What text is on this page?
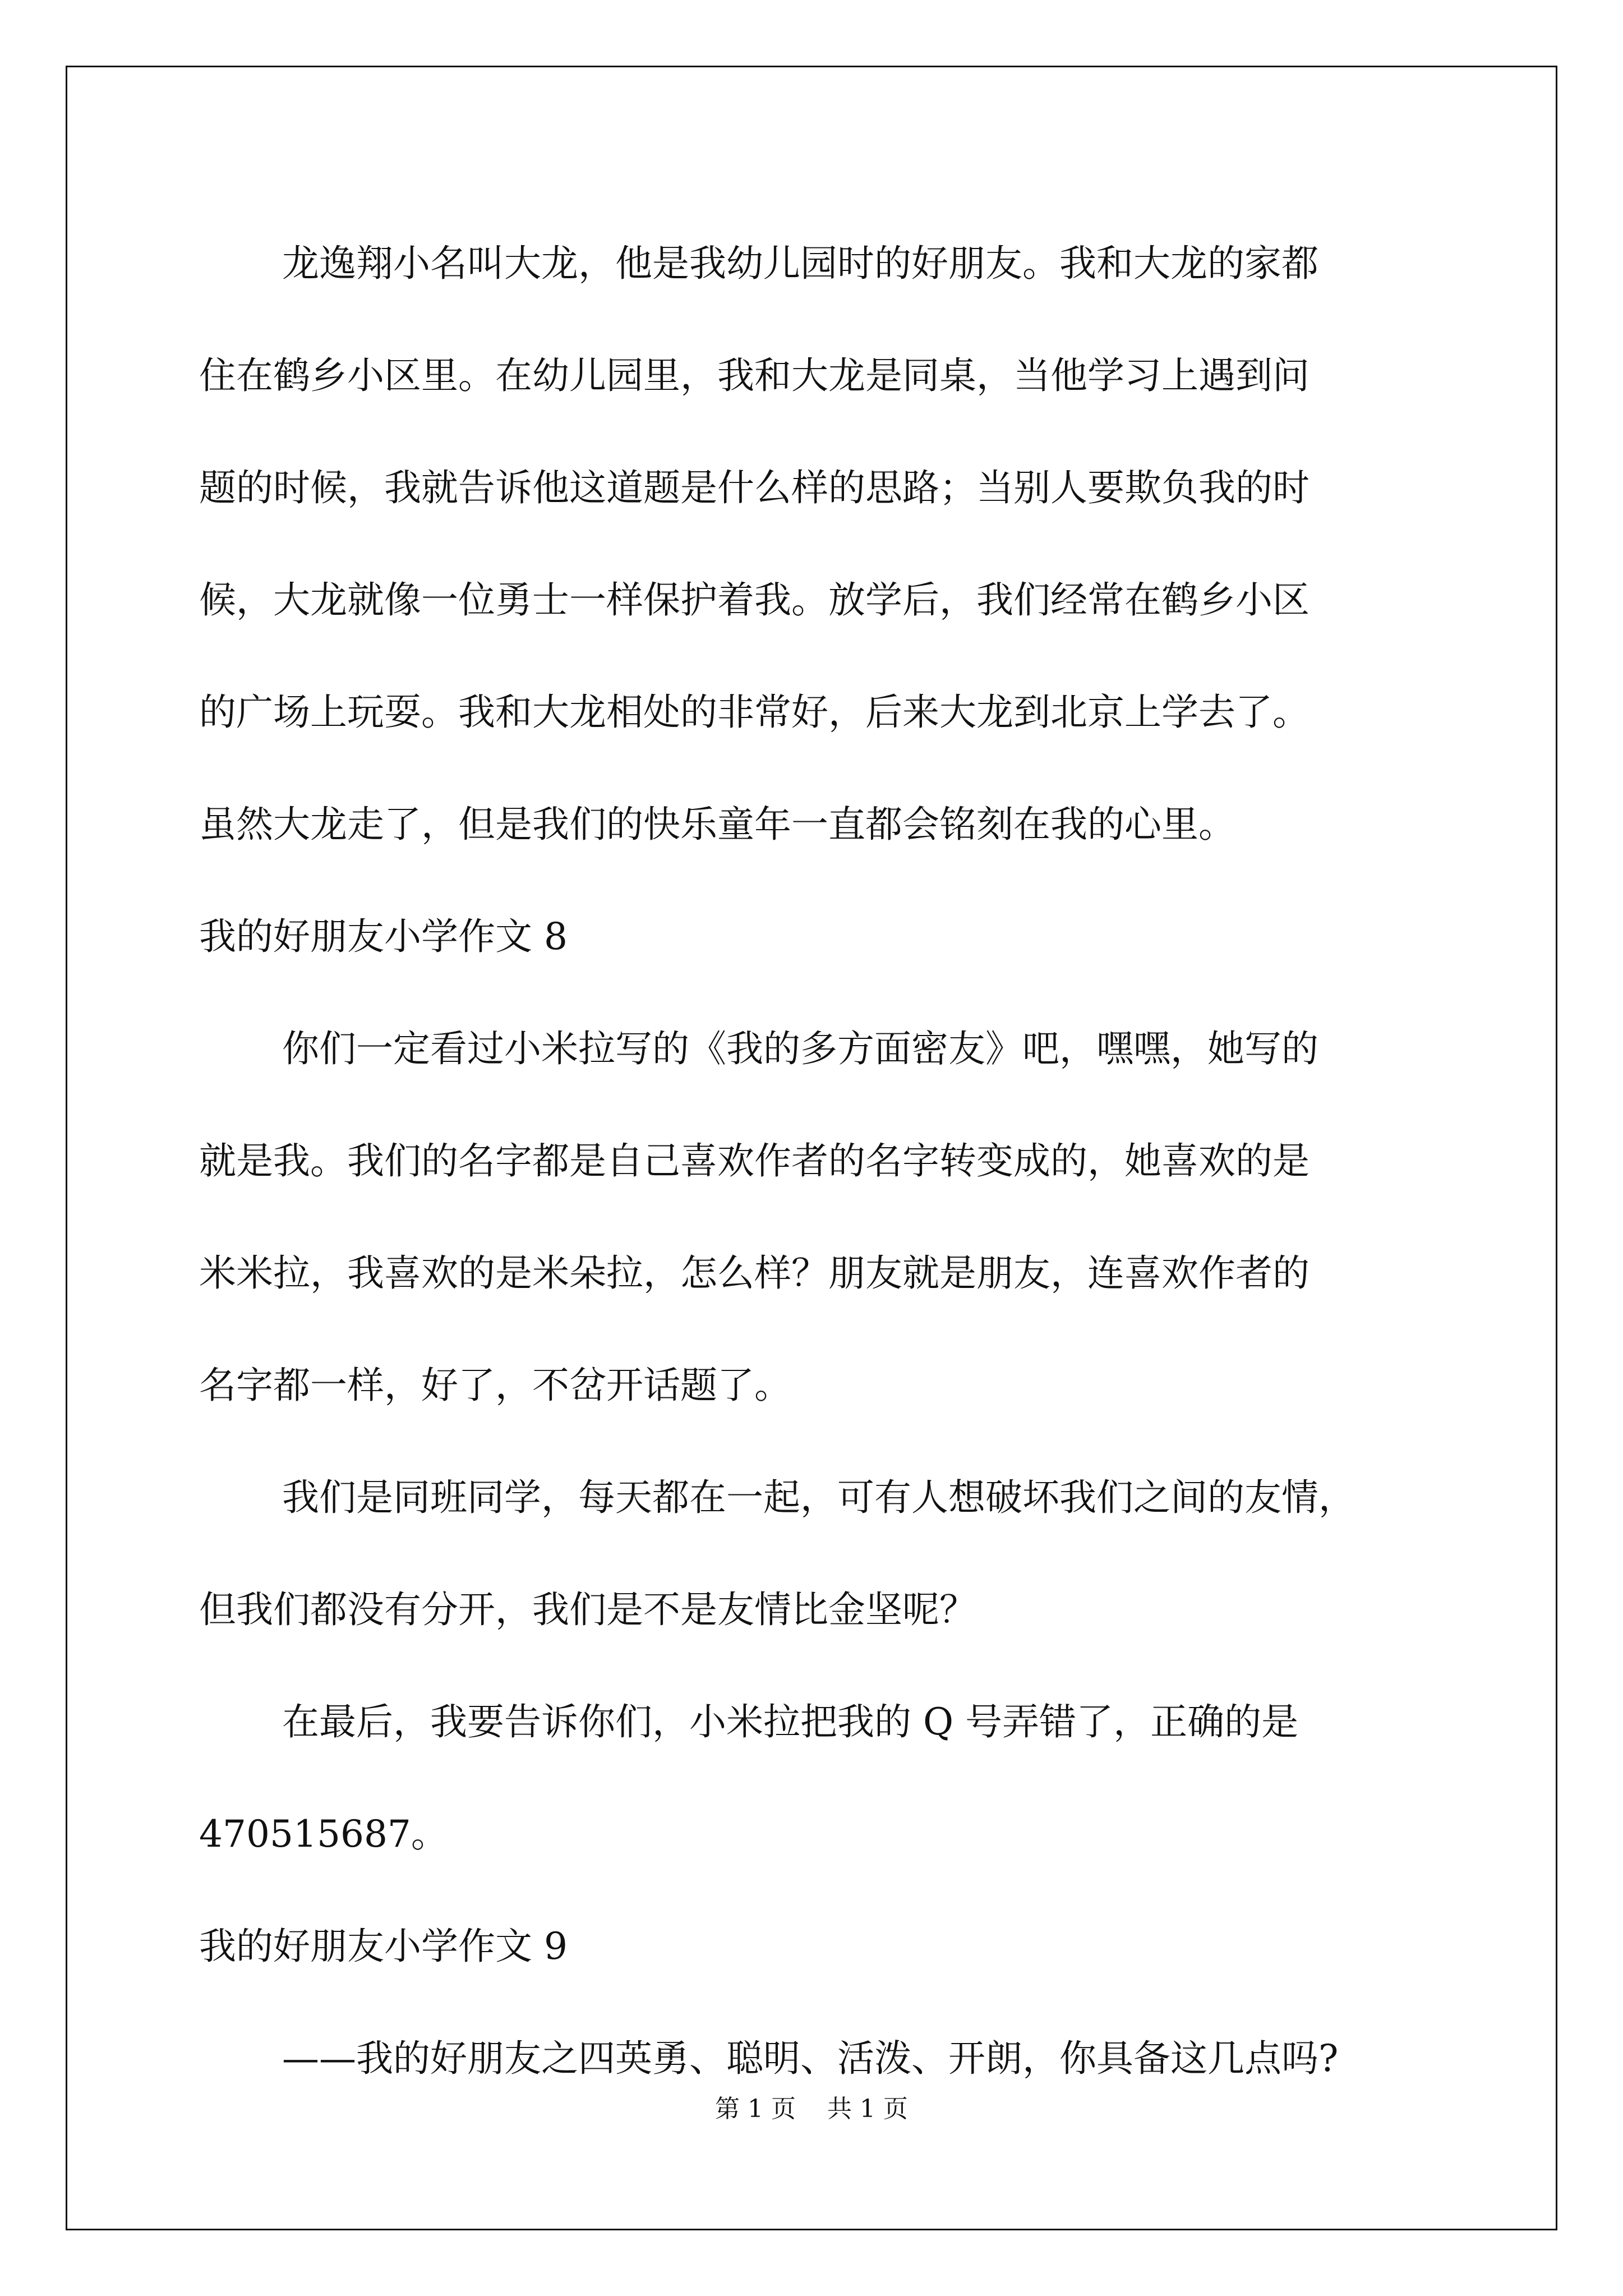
龙逸翔小名叫大龙，他是我幼儿园时的好朋友。我和大龙的家都
住在鹤乡小区里。在幼儿园里，我和大龙是同桌，当他学习上遇到问
题的时候，我就告诉他这道题是什么样的思路；当别人要欺负我的时
候，大龙就像一位勇士一样保护着我。放学后，我们经常在鹤乡小区
的广场上玩耍。我和大龙相处的非常好，后来大龙到北京上学去了。
虽然大龙走了，但是我们的快乐童年一直都会铭刻在我的心里。
我的好朋友小学作文 8
你们一定看过小米拉写的《我的多方面密友》吧，嘿嘿，她写的
就是我。我们的名字都是自己喜欢作者的名字转变成的，她喜欢的是
米米拉，我喜欢的是米朵拉，怎么样？朋友就是朋友，连喜欢作者的
名字都一样，好了，不岔开话题了。
我们是同班同学，每天都在一起，可有人想破坏我们之间的友情，
但我们都没有分开，我们是不是友情比金坚呢？
在最后，我要告诉你们，小米拉把我的 Q 号弄错了，正确的是
470515687。
我的好朋友小学作文 9
——我的好朋友之四英勇、聪明、活泼、开朗，你具备这几点吗?
第 1 页    共 1 页
